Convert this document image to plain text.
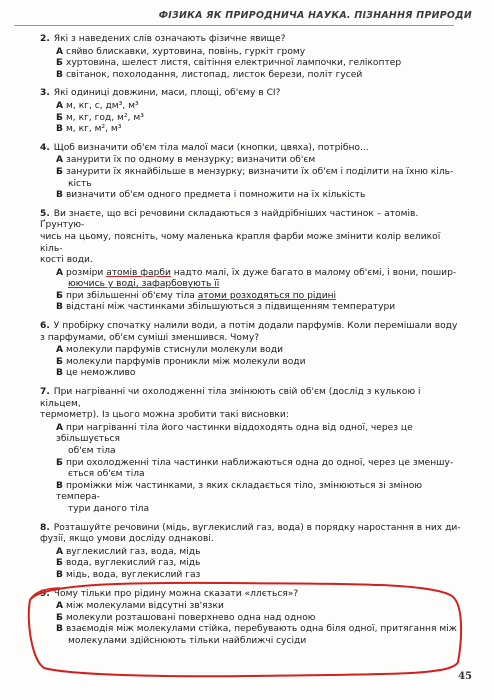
ФІЗИКА ЯК ПРИРОДНИЧА НАУКА. ПІЗНАННЯ ПРИРОДИ
2. Які з наведених слів означають фізичне явище?
А сяйво блискавки, хуртовина, повінь, гуркіт грому
Б хуртовина, шелест листя, світіння електричної лампочки, гелікоптер
В світанок, похолодання, листопад, листок берези, політ гусей
3. Які одиниці довжини, маси, площі, об'єму в СІ?
А м, кг, с, дм³, м³
Б м, кг, год, м², м³
В м, кг, м², м³
4. Щоб визначити об'єм тіла малої маси (кнопки, цвяха), потрібно...
А занурити їх по одному в мензурку; визначити об'єм
Б занурити їх якнайбільше в мензурку; визначити їх об'єм і поділити на їхню кіль-
кість
В визначити об'єм одного предмета і помножити на їх кількість
5. Ви знаєте, що всі речовини складаються з найдрібніших частинок – атомів. Ґрунтую-
чись на цьому, поясніть, чому маленька крапля фарби може змінити колір великої кіль-
кості води.
А розміри атомів фарби надто малі, їх дуже багато в малому об'ємі, і вони, пошир-
юючись у воді, зафарбовують її
Б при збільшенні об'єму тіла атоми розходяться по рідині
В відстані між частинками збільшуються з підвищенням температури
6. У пробірку спочатку налили води, а потім додали парфумів. Коли перемішали воду
з парфумами, об'єм суміші зменшився. Чому?
А молекули парфумів стиснули молекули води
Б молекули парфумів проникли між молекули води
В це неможливо
7. При нагріванні чи охолодженні тіла змінюють свій об'єм (дослід з кулькою і кільцем,
термометр). Із цього можна зробити такі висновки:
А при нагріванні тіла його частинки віддоходять одна від одної, через це збільшується
об'єм тіла
Б при охолодженні тіла частинки наближаються одна до одної, через це зменшу-
ється об'єм тіла
В проміжки між частинками, з яких складається тіло, змінюються зі зміною темпера-
тури даного тіла
8. Розташуйте речовини (мідь, вуглекислий газ, вода) в порядку наростання в них ди-
фузії, якщо умови досліду однакові.
А вуглекислий газ, вода, мідь
Б вода, вуглекислий газ, мідь
В мідь, вода, вуглекислий газ
9. Чому тільки про рідину можна сказати «ллється»?
А між молекулами відсутні зв'язки
Б молекули розташовані поверхнево одна над одною
В взаємодія між молекулами стійка, перебувають одна біля одної, притягання між
молекулами здійснюють тільки найближчі сусіди
45
